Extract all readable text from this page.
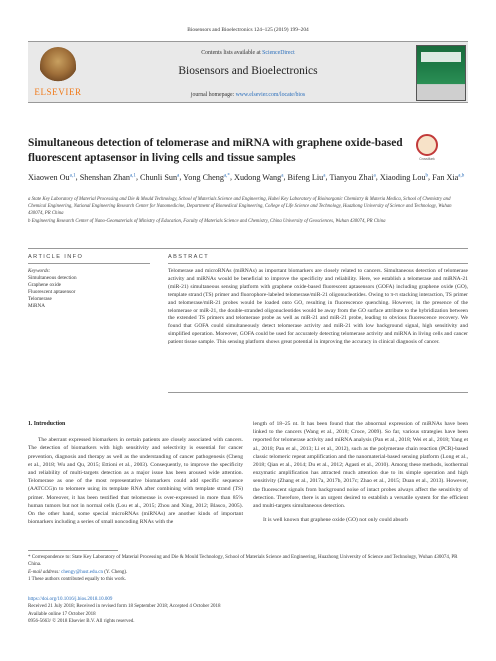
Biosensors and Bioelectronics 124–125 (2019) 199–204
ELSEVIER
Contents lists available at ScienceDirect
Biosensors and Bioelectronics
journal homepage: www.elsevier.com/locate/bios
Simultaneous detection of telomerase and miRNA with graphene oxide-based fluorescent aptasensor in living cells and tissue samples	CrossMark
Xiaowen Ou$^{a,1}$, Shenshan Zhan$^{a,1}$, Chunli Sun$^a$, Yong Cheng$^{a,*}$, Xudong Wang$^a$, Bifeng Liu$^a$, Tianyou Zhai$^a$, Xiaoding Lou$^b$, Fan Xia$^{a,b}$
a State Key Laboratory of Material Processing and Die & Mould Technology, School of Materials Science and Engineering, Hubei Key Laboratory of Bioinorganic Chemistry & Materia Medica, School of Chemistry and Chemical Engineering, National Engineering Research Center for Nanomedicine, Department of Biomedical Engineering, College of Life Science and Technology, Huazhong University of Science and Technology, Wuhan 430074, PR China
b Engineering Research Center of Nano-Geomaterials of Ministry of Education, Faculty of Materials Science and Chemistry, China University of Geosciences, Wuhan 430074, PR China
ARTICLE INFO	ABSTRACT
Keywords:
Simultaneous detection
Graphene oxide
Fluorescent aptasensor
Telomerase
MiRNA

Telomerase and microRNAs (miRNAs) as important biomarkers are closely related to cancers. Simultaneous detection of telomerase activity and miRNAs would be beneficial to improve the specificity and reliability. Here, we establish a telomerase and miRNA-21 (miR-21) simultaneous sensing platform with graphene oxide-based fluorescent aptasensors (GOFA) including graphene oxide (GO), template strand (TS) primer and fluorophore-labeled telomerase/miR-21 oligonucleotides. Owing to π-π stacking interaction, TS primer and telomerase/miR-21 probes would be loaded onto GO, resulting in fluorescence quenching. However, in the presence of the telomerase or miR-21, the double-stranded oligonucleotides would be away from the GO surface attribute to the hybridization between the extended TS primers and telomerase probe as well as miR-21 and miR-21 probe, leading to obvious fluorescence recovery. We found that GOFA could simultaneously detect telomerase activity and miR-21 with low background signal, high sensitivity and simplified operation. Moreover, GOFA could be used for accurately detecting telomerase activity and miRNA in living cells and cancer patient tissue sample. This sensing platform shows great potential in improving the accuracy in clinical diagnosis of cancer.

1. Introduction

The aberrant expressed biomarkers in certain patients are closely associated with cancers. The detection of biomarkers with high sensitivity and selectivity is essential for cancer prevention, diagnosis and therapy as well as the understanding of cancer pathogenesis (Cheng et al., 2018; Wu and Qu, 2015; Ettioni et al., 2003). Consequently, to improve the specificity and reliability of multi-targets detection as a major issue has been aroused wide attention. Telomerase as one of the most representative biomarkers could add specific sequence (AATCCG)n to telomere using its template RNA after combining with template strand (TS) primer. Moreover, it has been testified that telomerase is over-expressed in more than 85% human tumors but not in normal cells (Lou et al., 2015; Zhou and Xing, 2012; Blasco, 2005). On the other hand, some special microRNAs (miRNAs) are another kinds of important biomarkers including a series of small noncoding RNAs with the

length of 18–25 nt. It has been found that the abnormal expression of miRNAs have been linked to the cancers (Wang et al., 2018; Croce, 2009). So far, various strategies have been reported for telomerase activity and miRNA analysis (Pan et al., 2018; Wei et al., 2018; Yang et al., 2018; Pan et al., 2013; Li et al., 2012), such as the polymerase chain reaction (PCR)-based classic telomeric repeat amplification and the nanomaterial-based sensing platform (Long et al., 2018; Qian et al., 2014; Du et al., 2012; Agasti et al., 2010). Among these methods, isothermal enzymatic amplification has attracted much attention due to its simple operation and high sensitivity (Zhang et al., 2017a, 2017b, 2017c; Zhao et al., 2015; Duan et al., 2013). However, the fluorescent signals from background noise of intact probes always affect the sensitivity of detection. Therefore, there is an urgent desired to establish a versatile system for the efficient and multi-targets simultaneous detection.

It is well known that graphene oxide (GO) not only could absorb

* Correspondence to: State Key Laboratory of Material Processing and Die & Mould Technology, School of Materials Science and Engineering, Huazhong University of Science and Technology, Wuhan 430074, PR China.
E-mail address: chengy@hust.edu.cn (Y. Cheng).
1 These authors contributed equally to this work.
https://doi.org/10.1016/j.bios.2018.10.009
Received 21 July 2018; Received in revised form 18 September 2018; Accepted 4 October 2018
Available online 17 October 2018
0956-5663/ © 2018 Elsevier B.V. All rights reserved.
